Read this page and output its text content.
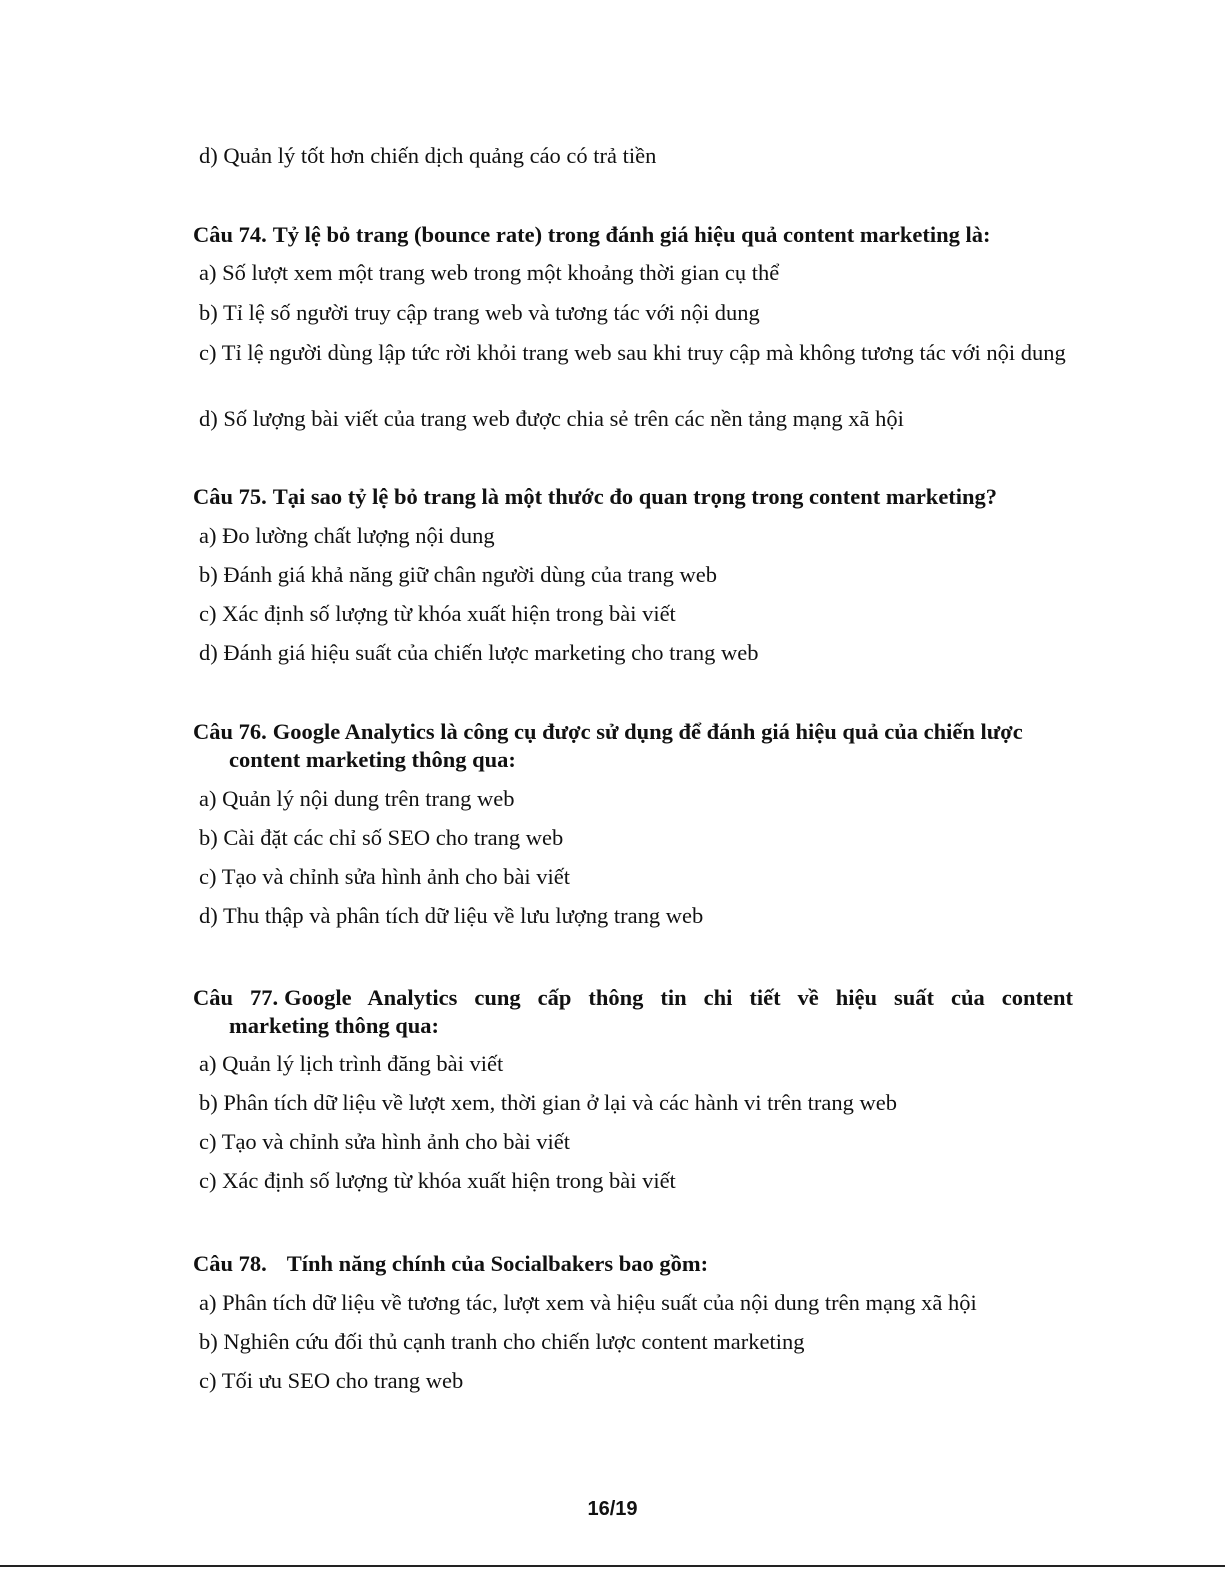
d) Quản lý tốt hơn chiến dịch quảng cáo có trả tiền
Câu 74. Tỷ lệ bỏ trang (bounce rate) trong đánh giá hiệu quả content marketing là:
a) Số lượt xem một trang web trong một khoảng thời gian cụ thể
b) Tỉ lệ số người truy cập trang web và tương tác với nội dung
c) Tỉ lệ người dùng lập tức rời khỏi trang web sau khi truy cập mà không tương tác với nội dung
d) Số lượng bài viết của trang web được chia sẻ trên các nền tảng mạng xã hội
Câu 75. Tại sao tỷ lệ bỏ trang là một thước đo quan trọng trong content marketing?
a) Đo lường chất lượng nội dung
b) Đánh giá khả năng giữ chân người dùng của trang web
c) Xác định số lượng từ khóa xuất hiện trong bài viết
d) Đánh giá hiệu suất của chiến lược marketing cho trang web
Câu 76. Google Analytics là công cụ được sử dụng để đánh giá hiệu quả của chiến lược
content marketing thông qua:
a) Quản lý nội dung trên trang web
b) Cài đặt các chỉ số SEO cho trang web
c) Tạo và chỉnh sửa hình ảnh cho bài viết
d) Thu thập và phân tích dữ liệu về lưu lượng trang web
Câu 77. Google Analytics cung cấp thông tin chi tiết về hiệu suất của content
marketing thông qua:
a) Quản lý lịch trình đăng bài viết
b) Phân tích dữ liệu về lượt xem, thời gian ở lại và các hành vi trên trang web
c) Tạo và chỉnh sửa hình ảnh cho bài viết
c) Xác định số lượng từ khóa xuất hiện trong bài viết
Câu 78. Tính năng chính của Socialbakers bao gồm:
a) Phân tích dữ liệu về tương tác, lượt xem và hiệu suất của nội dung trên mạng xã hội
b) Nghiên cứu đối thủ cạnh tranh cho chiến lược content marketing
c) Tối ưu SEO cho trang web
16/19
